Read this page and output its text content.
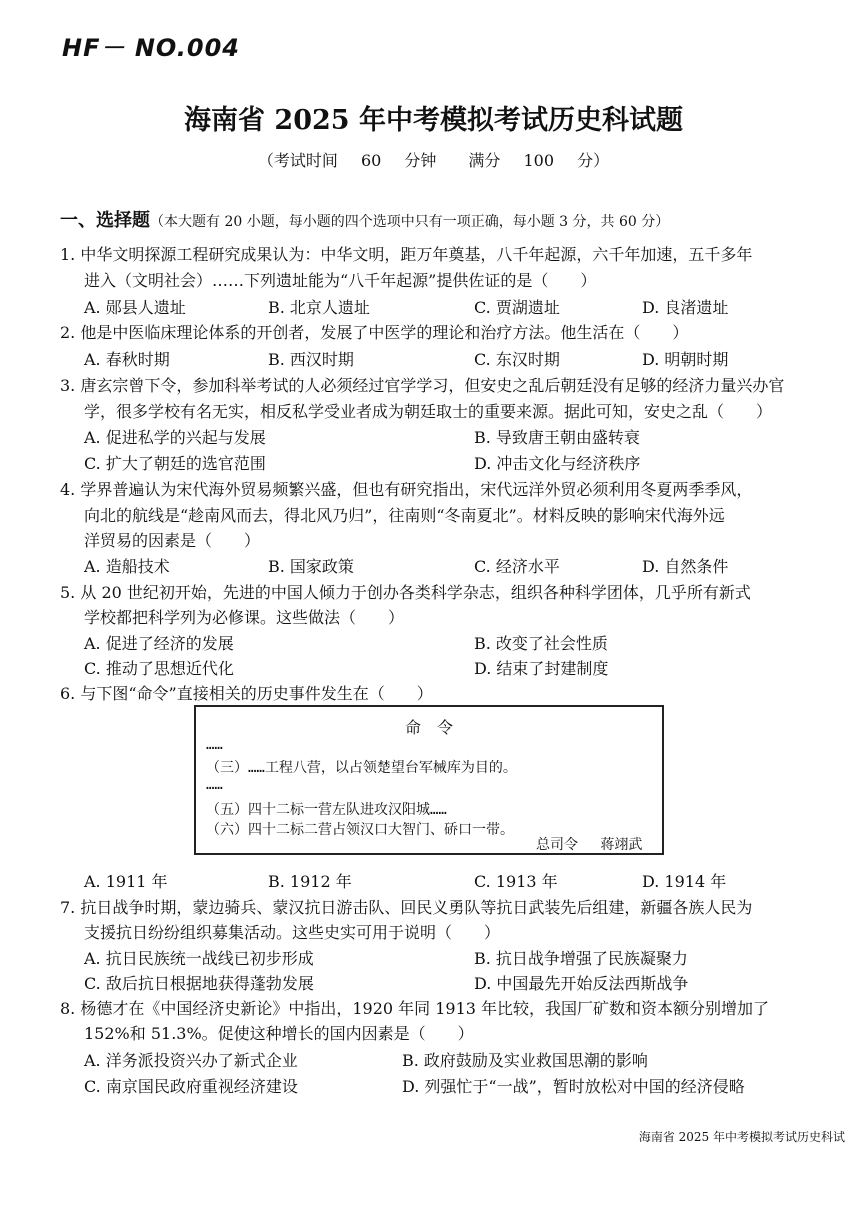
HF－ NO.004
海南省 2025 年中考模拟考试历史科试题
（考试时间 60 分钟　　满分 100 分）
一、选择题（本大题有 20 小题，每小题的四个选项中只有一项正确，每小题 3 分，共 60 分）
1. 中华文明探源工程研究成果认为：中华文明，距万年奠基，八千年起源，六千年加速，五千多年
进入（文明社会）……下列遗址能为“八千年起源”提供佐证的是（　　）
A. 郧县人遗址	B. 北京人遗址	C. 贾湖遗址	D. 良渚遗址
2. 他是中医临床理论体系的开创者，发展了中医学的理论和治疗方法。他生活在（　　）
A. 春秋时期	B. 西汉时期	C. 东汉时期	D. 明朝时期
3. 唐玄宗曾下令，参加科举考试的人必须经过官学学习，但安史之乱后朝廷没有足够的经济力量兴办官
学，很多学校有名无实，相反私学受业者成为朝廷取士的重要来源。据此可知，安史之乱（　　）
A. 促进私学的兴起与发展	B. 导致唐王朝由盛转衰
C. 扩大了朝廷的选官范围	D. 冲击文化与经济秩序
4. 学界普遍认为宋代海外贸易频繁兴盛，但也有研究指出，宋代远洋外贸必须利用冬夏两季季风，
向北的航线是“趁南风而去，得北风乃归”，往南则“冬南夏北”。材料反映的影响宋代海外远
洋贸易的因素是（　　）
A. 造船技术	B. 国家政策	C. 经济水平	D. 自然条件
5. 从 20 世纪初开始，先进的中国人倾力于创办各类科学杂志，组织各种科学团体，几乎所有新式
学校都把科学列为必修课。这些做法（　　）
A. 促进了经济的发展	B. 改变了社会性质
C. 推动了思想近代化	D. 结束了封建制度
6. 与下图“命令”直接相关的历史事件发生在（　　）
命　令
……
（三）……工程八营，以占领楚望台军械库为目的。
……
（五）四十二标一营左队进攻汉阳城……
（六）四十二标二营占领汉口大智门、硚口一带。
总司令　 蒋翊武
A. 1911 年	B. 1912 年	C. 1913 年	D. 1914 年
7. 抗日战争时期，蒙边骑兵、蒙汉抗日游击队、回民义勇队等抗日武装先后组建，新疆各族人民为
支援抗日纷纷组织募集活动。这些史实可用于说明（　　）
A. 抗日民族统一战线已初步形成	B. 抗日战争增强了民族凝聚力
C. 敌后抗日根据地获得蓬勃发展	D. 中国最先开始反法西斯战争
8. 杨德才在《中国经济史新论》中指出，1920 年同 1913 年比较，我国厂矿数和资本额分别增加了
152%和 51.3%。促使这种增长的国内因素是（　　）
A. 洋务派投资兴办了新式企业	B. 政府鼓励及实业救国思潮的影响
C. 南京国民政府重视经济建设	D. 列强忙于“一战”，暂时放松对中国的经济侵略
海南省 2025 年中考模拟考试历史科试
